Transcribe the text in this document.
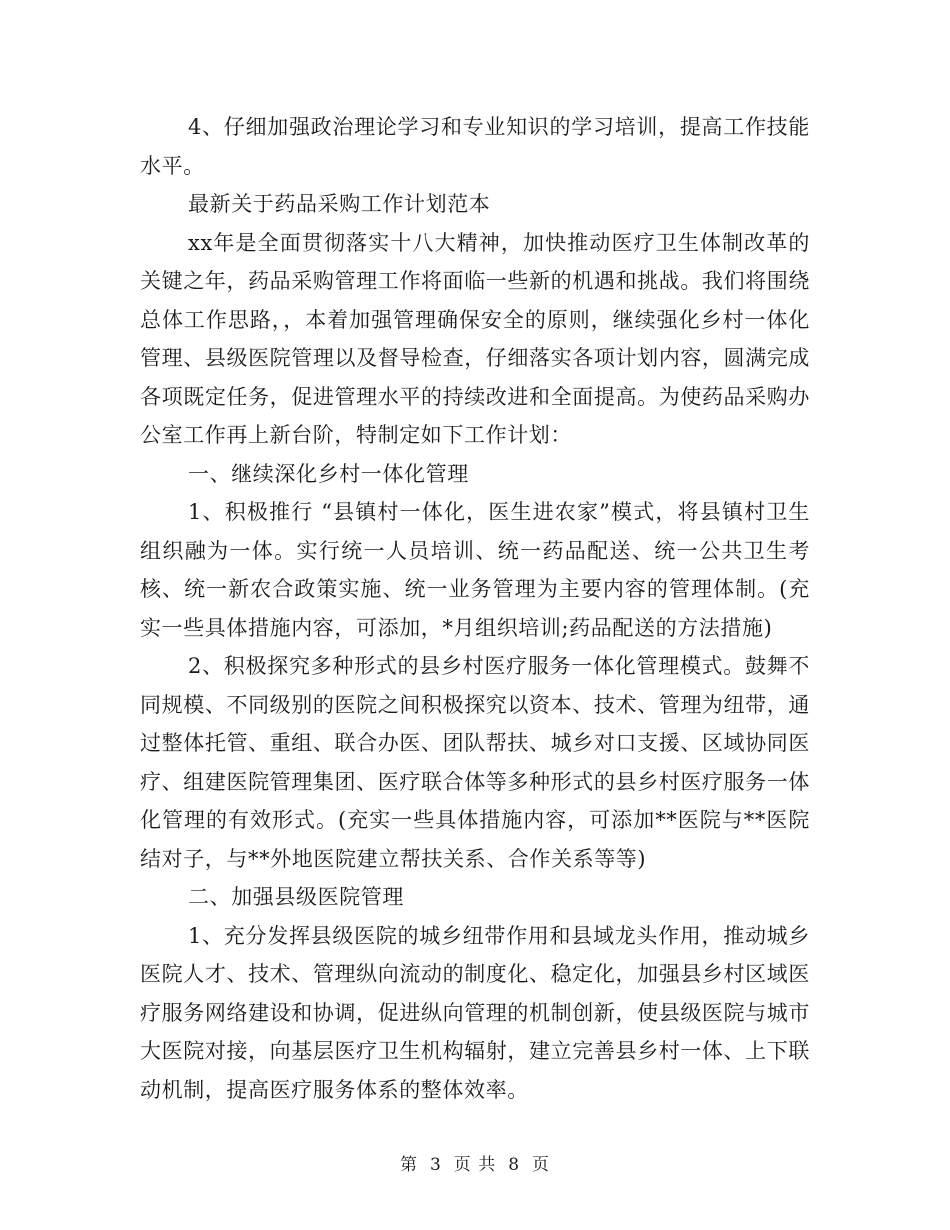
4、仔细加强政治理论学习和专业知识的学习培训，提高工作技能水平。

最新关于药品采购工作计划范本

xx年是全面贯彻落实十八大精神，加快推动医疗卫生体制改革的关键之年，药品采购管理工作将面临一些新的机遇和挑战。我们将围绕总体工作思路，，本着加强管理确保安全的原则，继续强化乡村一体化管理、县级医院管理以及督导检查，仔细落实各项计划内容，圆满完成各项既定任务，促进管理水平的持续改进和全面提高。为使药品采购办公室工作再上新台阶，特制定如下工作计划：

一、继续深化乡村一体化管理

1、积极推行 “县镇村一体化，医生进农家”模式，将县镇村卫生组织融为一体。实行统一人员培训、统一药品配送、统一公共卫生考核、统一新农合政策实施、统一业务管理为主要内容的管理体制。(充实一些具体措施内容，可添加，*月组织培训;药品配送的方法措施)

2、积极探究多种形式的县乡村医疗服务一体化管理模式。鼓舞不同规模、不同级别的医院之间积极探究以资本、技术、管理为纽带，通过整体托管、重组、联合办医、团队帮扶、城乡对口支援、区域协同医疗、组建医院管理集团、医疗联合体等多种形式的县乡村医疗服务一体化管理的有效形式。(充实一些具体措施内容，可添加**医院与**医院结对子，与**外地医院建立帮扶关系、合作关系等等)

二、加强县级医院管理

1、充分发挥县级医院的城乡纽带作用和县域龙头作用，推动城乡医院人才、技术、管理纵向流动的制度化、稳定化，加强县乡村区域医疗服务网络建设和协调，促进纵向管理的机制创新，使县级医院与城市大医院对接，向基层医疗卫生机构辐射，建立完善县乡村一体、上下联动机制，提高医疗服务体系的整体效率。

第 3 页 共 8 页
